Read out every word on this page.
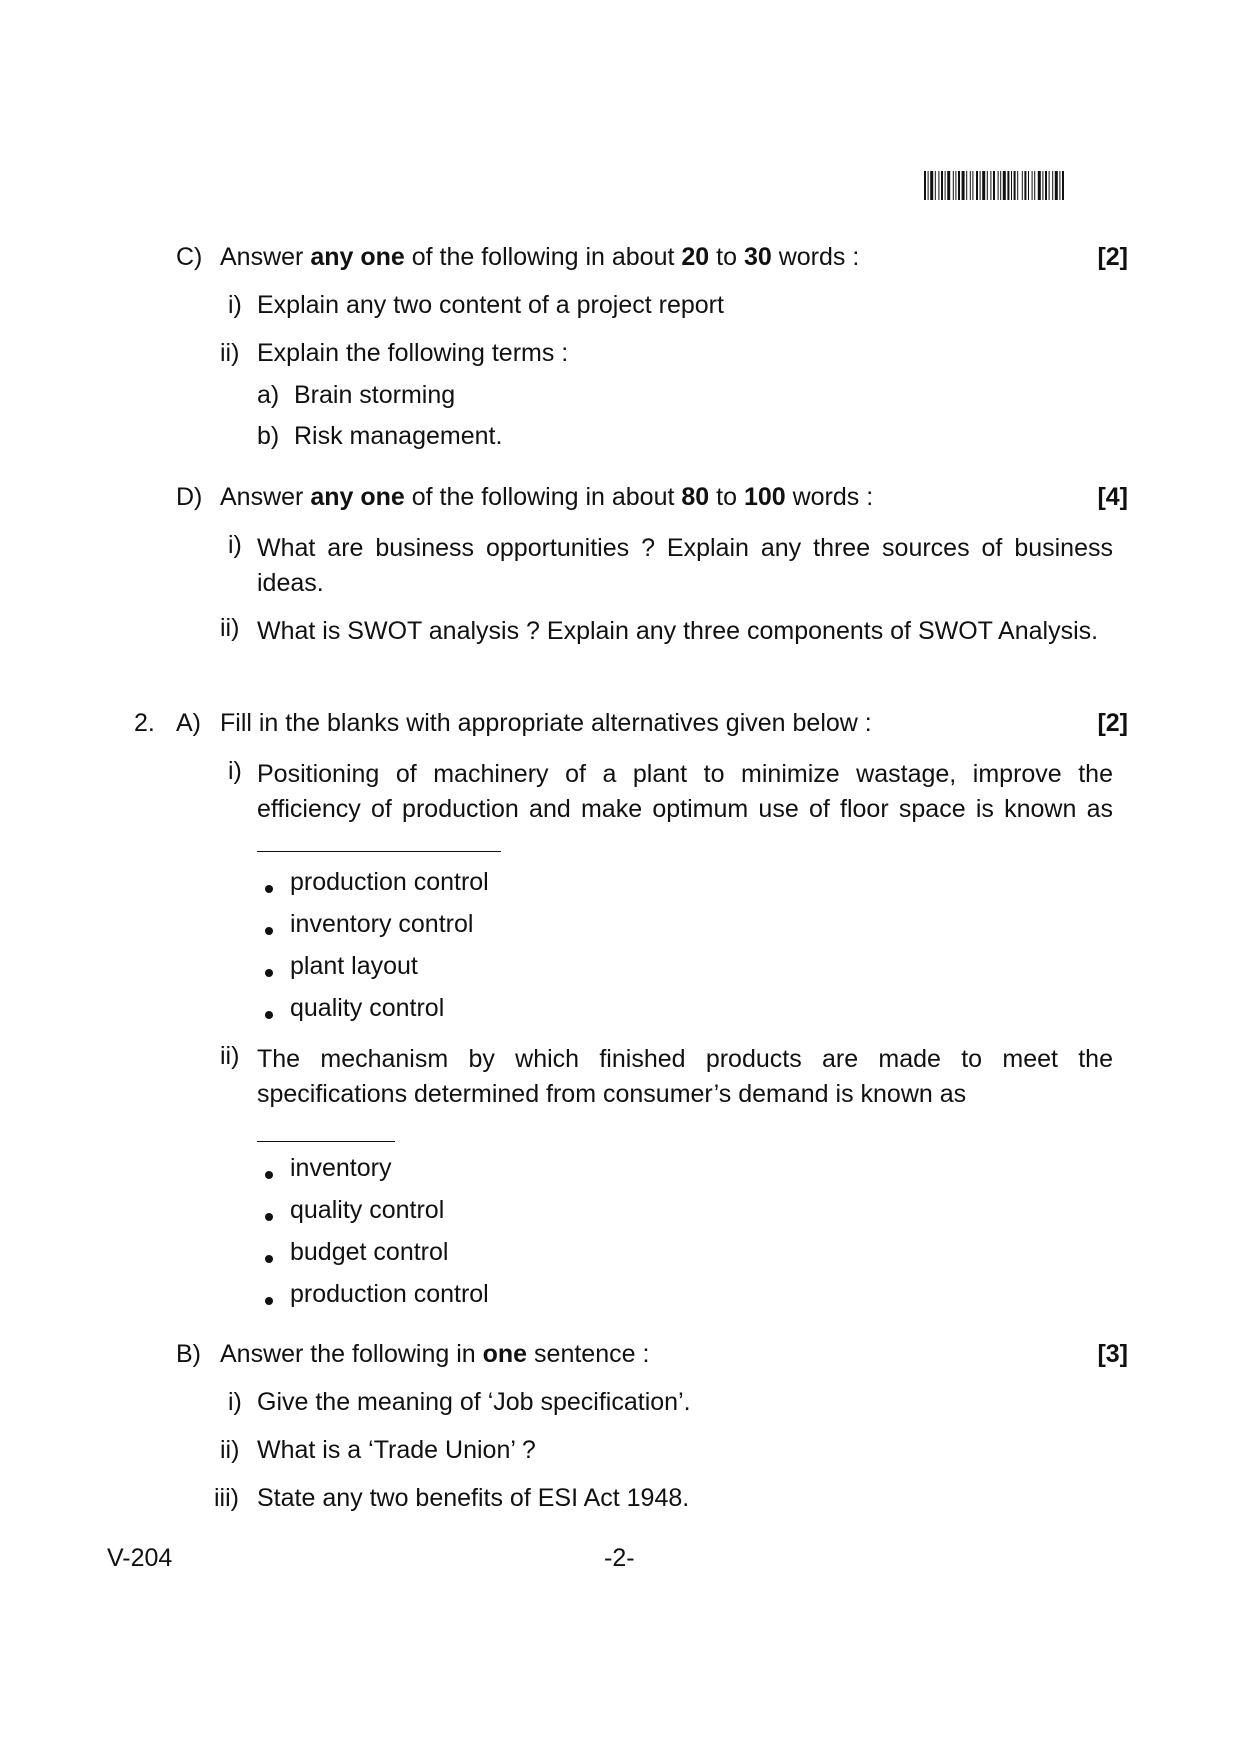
C) Answer any one of the following in about 20 to 30 words :	[2]
i) Explain any two content of a project report
ii) Explain the following terms :
a) Brain storming
b) Risk management.
D) Answer any one of the following in about 80 to 100 words :	[4]
i) What are business opportunities ? Explain any three sources of business ideas.
ii) What is SWOT analysis ? Explain any three components of SWOT Analysis.
2. A) Fill in the blanks with appropriate alternatives given below :	[2]
i) Positioning of machinery of a plant to minimize wastage, improve the efficiency of production and make optimum use of floor space is known as
production control
inventory control
plant layout
quality control
ii) The mechanism by which finished products are made to meet the specifications determined from consumer’s demand is known as
inventory
quality control
budget control
production control
B) Answer the following in one sentence :	[3]
i) Give the meaning of ‘Job specification’.
ii) What is a ‘Trade Union’ ?
iii) State any two benefits of ESI Act 1948.
V-204	-2-
